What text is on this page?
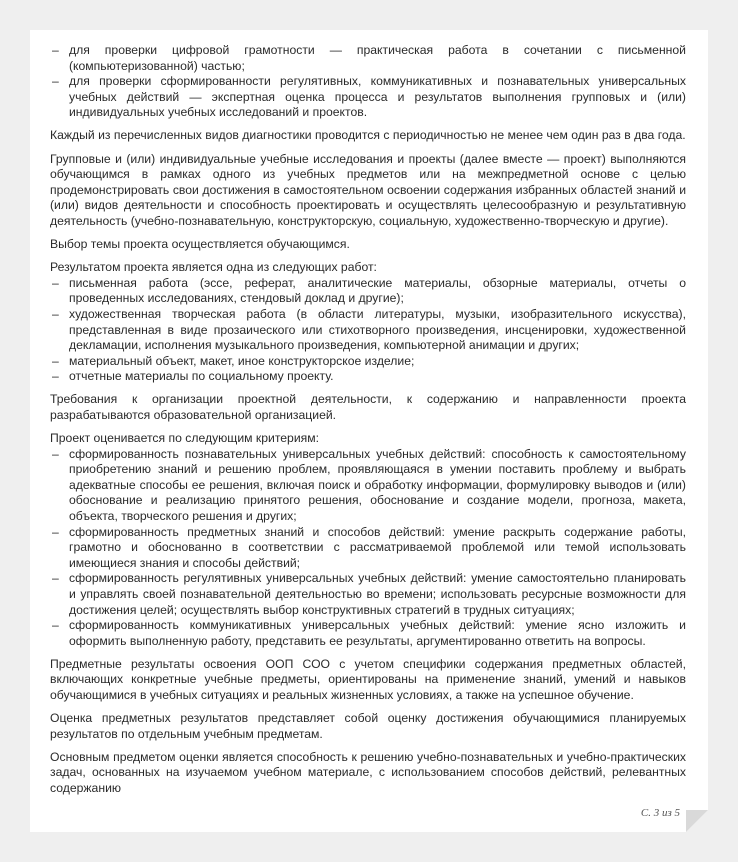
– для проверки цифровой грамотности — практическая работа в сочетании с письменной (компьютеризованной) частью;
– для проверки сформированности регулятивных, коммуникативных и познавательных универсальных учебных действий — экспертная оценка процесса и результатов выполнения групповых и (или) индивидуальных учебных исследований и проектов.

Каждый из перечисленных видов диагностики проводится с периодичностью не менее чем один раз в два года.

Групповые и (или) индивидуальные учебные исследования и проекты (далее вместе — проект) выполняются обучающимся в рамках одного из учебных предметов или на межпредметной основе с целью продемонстрировать свои достижения в самостоятельном освоении содержания избранных областей знаний и (или) видов деятельности и способность проектировать и осуществлять целесообразную и результативную деятельность (учебно-познавательную, конструкторскую, социальную, художественно-творческую и другие).

Выбор темы проекта осуществляется обучающимся.

Результатом проекта является одна из следующих работ:

– письменная работа (эссе, реферат, аналитические материалы, обзорные материалы, отчеты о проведенных исследованиях, стендовый доклад и другие);
– художественная творческая работа (в области литературы, музыки, изобразительного искусства), представленная в виде прозаического или стихотворного произведения, инсценировки, художественной декламации, исполнения музыкального произведения, компьютерной анимации и других;
– материальный объект, макет, иное конструкторское изделие;
– отчетные материалы по социальному проекту.

Требования к организации проектной деятельности, к содержанию и направленности проекта разрабатываются образовательной организацией.

Проект оценивается по следующим критериям:

– сформированность познавательных универсальных учебных действий: способность к самостоятельному приобретению знаний и решению проблем, проявляющаяся в умении поставить проблему и выбрать адекватные способы ее решения, включая поиск и обработку информации, формулировку выводов и (или) обоснование и реализацию принятого решения, обоснование и создание модели, прогноза, макета, объекта, творческого решения и других;
– сформированность предметных знаний и способов действий: умение раскрыть содержание работы, грамотно и обоснованно в соответствии с рассматриваемой проблемой или темой использовать имеющиеся знания и способы действий;
– сформированность регулятивных универсальных учебных действий: умение самостоятельно планировать и управлять своей познавательной деятельностью во времени; использовать ресурсные возможности для достижения целей; осуществлять выбор конструктивных стратегий в трудных ситуациях;
– сформированность коммуникативных универсальных учебных действий: умение ясно изложить и оформить выполненную работу, представить ее результаты, аргументированно ответить на вопросы.

Предметные результаты освоения ООП СОО с учетом специфики содержания предметных областей, включающих конкретные учебные предметы, ориентированы на применение знаний, умений и навыков обучающимися в учебных ситуациях и реальных жизненных условиях, а также на успешное обучение.

Оценка предметных результатов представляет собой оценку достижения обучающимися планируемых результатов по отдельным учебным предметам.

Основным предметом оценки является способность к решению учебно-познавательных и учебно-практических задач, основанных на изучаемом учебном материале, с использованием способов действий, релевантных содержанию

С. 3 из 5
